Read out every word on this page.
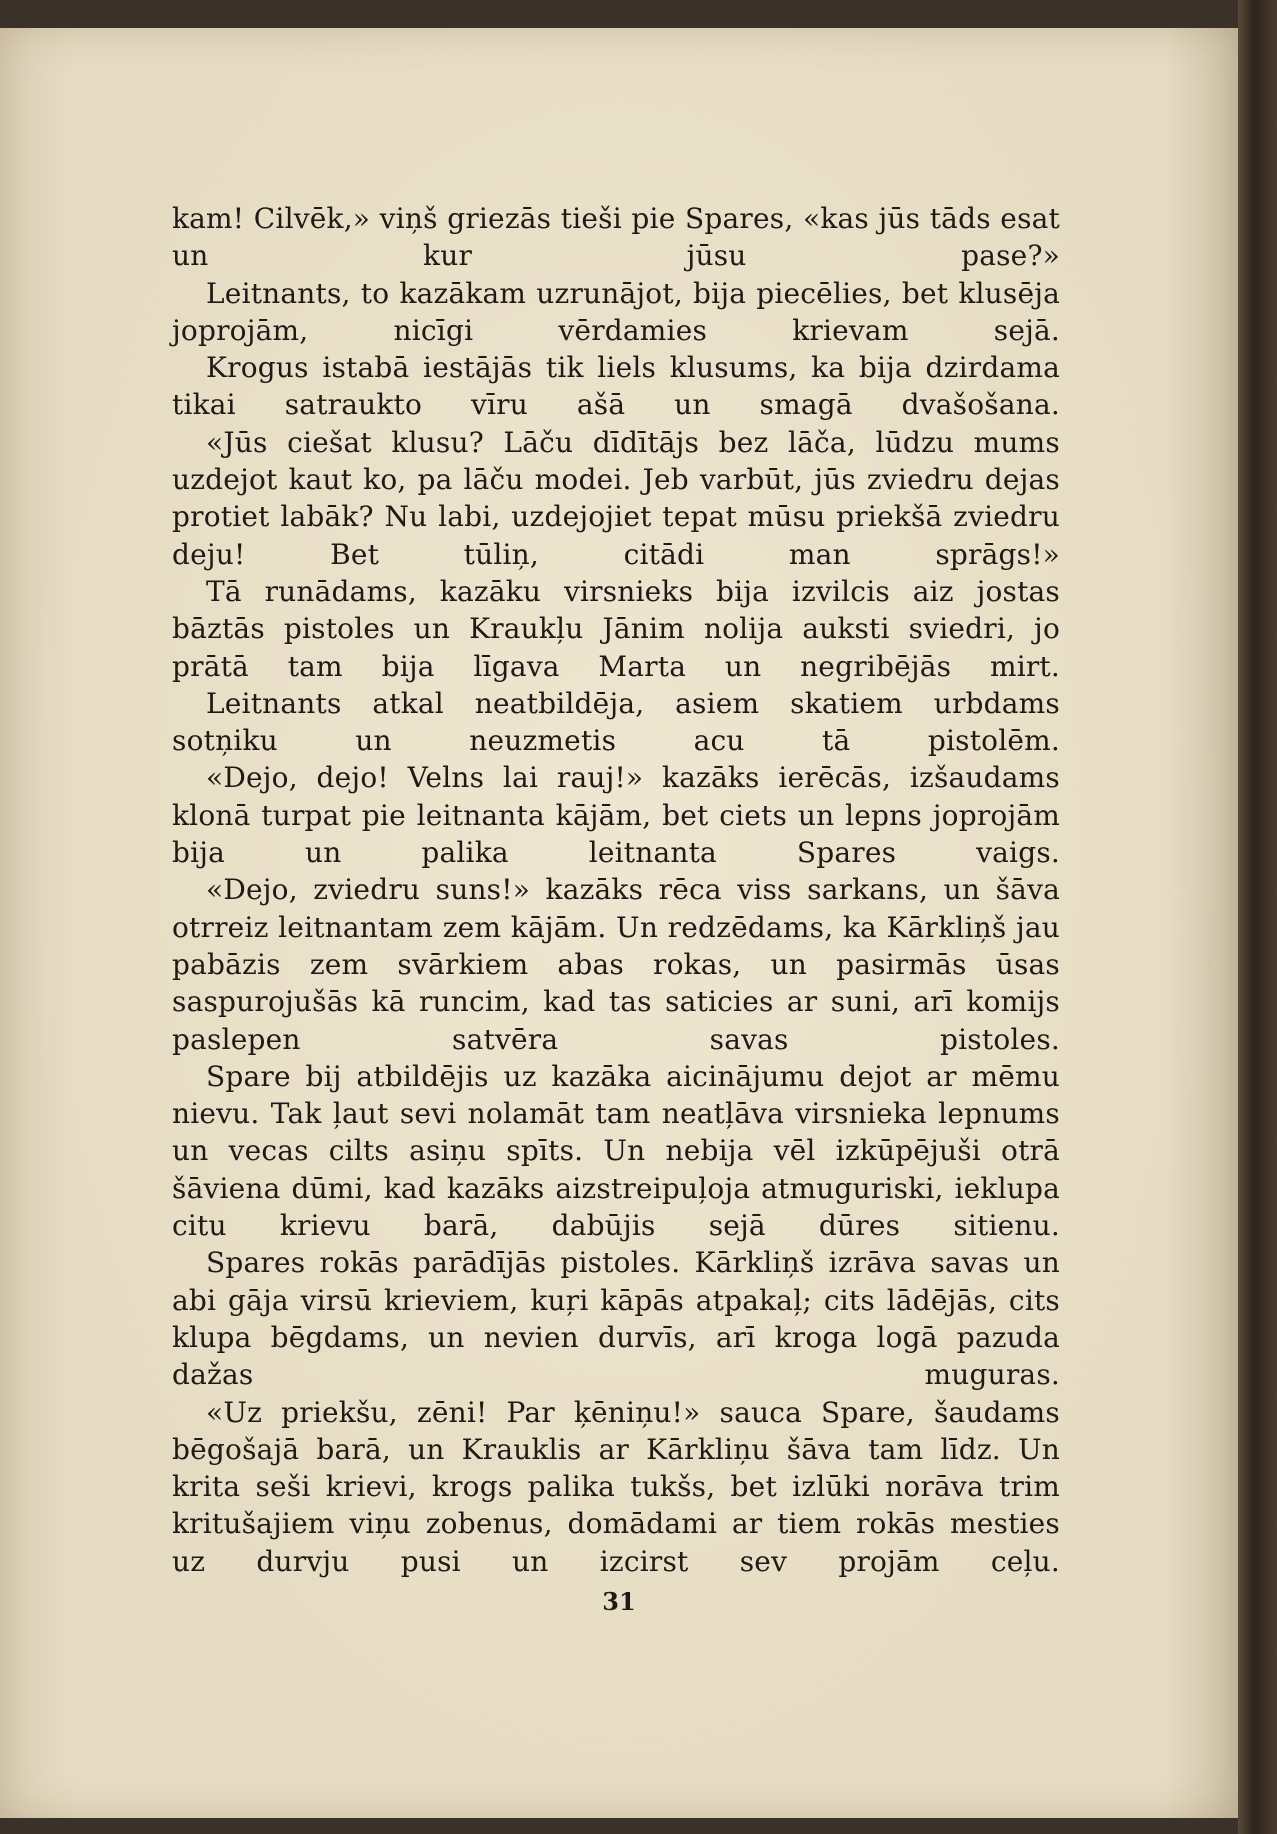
kam! Cilvēk,» viņš griezās tieši pie Spares, «kas jūs tāds esat un kur jūsu pase?»

Leitnants, to kazākam uzrunājot, bija piecēlies, bet klusēja joprojām, nicīgi vērdamies krievam sejā.

Krogus istabā iestājās tik liels klusums, ka bija dzirdama tikai satraukto vīru ašā un smagā dvašošana.

«Jūs ciešat klusu? Lāču dīdītājs bez lāča, lūdzu mums uzdejot kaut ko, pa lāču modei. Jeb varbūt, jūs zviedru dejas protiet labāk? Nu labi, uzdejojiet tepat mūsu priekšā zviedru deju! Bet tūliņ, citādi man sprāgs!»

Tā runādams, kazāku virsnieks bija izvilcis aiz jostas bāztās pistoles un Kraukļu Jānim nolija auksti sviedri, jo prātā tam bija līgava Marta un negribējās mirt.

Leitnants atkal neatbildēja, asiem skatiem urbdams sotņiku un neuzmetis acu tā pistolēm.

«Dejo, dejo! Velns lai rauj!» kazāks ierēcās, izšaudams klonā turpat pie leitnanta kājām, bet ciets un lepns joprojām bija un palika leitnanta Spares vaigs.

«Dejo, zviedru suns!» kazāks rēca viss sarkans, un šāva otrreiz leitnantam zem kājām. Un redzēdams, ka Kārkliņš jau pabāzis zem svārkiem abas rokas, un pasirmās ūsas saspurojušās kā runcim, kad tas saticies ar suni, arī komijs paslepen satvēra savas pistoles.

Spare bij atbildējis uz kazāka aicinājumu dejot ar mēmu nievu. Tak ļaut sevi nolamāt tam neatļāva virsnieka lepnums un vecas cilts asiņu spīts. Un nebija vēl izkūpējuši otrā šāviena dūmi, kad kazāks aizstreipuļoja atmuguriski, ieklupa citu krievu barā, dabūjis sejā dūres sitienu.

Spares rokās parādījās pistoles. Kārkliņš izrāva savas un abi gāja virsū krieviem, kuŗi kāpās atpakaļ; cits lādējās, cits klupa bēgdams, un nevien durvīs, arī kroga logā pazuda dažas muguras.

«Uz priekšu, zēni! Par ķēniņu!» sauca Spare, šaudams bēgošajā barā, un Krauklis ar Kārkliņu šāva tam līdz. Un krita seši krievi, krogs palika tukšs, bet izlūki norāva trim kritušajiem viņu zobenus, domādami ar tiem rokās mesties uz durvju pusi un izcirst sev projām ceļu.

31
